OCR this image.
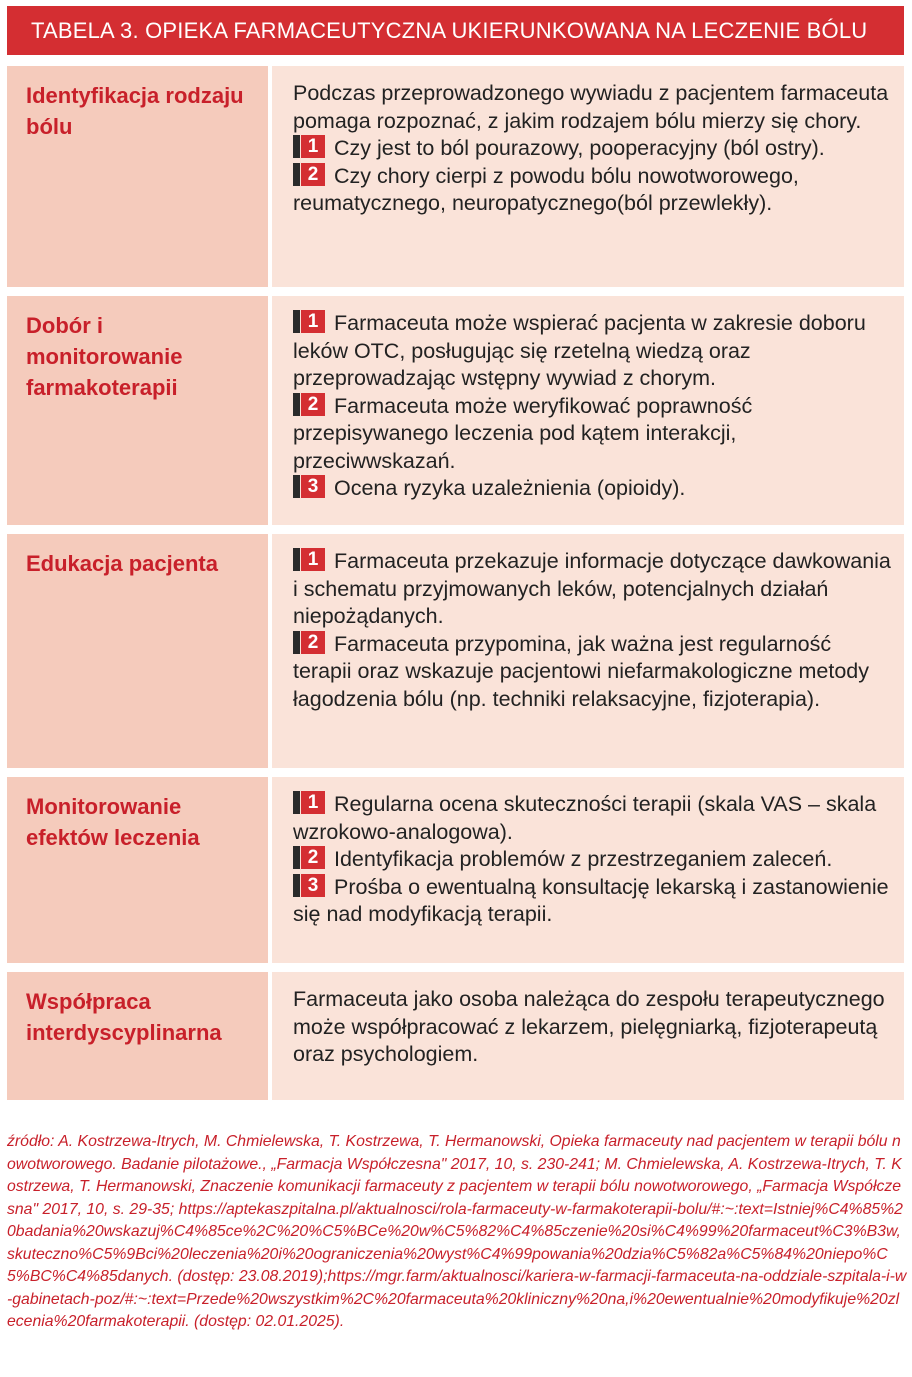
TABELA 3. OPIEKA FARMACEUTYCZNA UKIERUNKOWANA NA LECZENIE BÓLU
Identyfikacja rodzaju bólu

Podczas przeprowadzonego wywiadu z pacjentem farmaceuta pomaga rozpoznać, z jakim rodzajem bólu mierzy się chory.

1 Czy jest to ból pourazowy, pooperacyjny (ból ostry).

2 Czy chory cierpi z powodu bólu nowotworowego, reumatycznego, neuropatycznego(ból przewlekły).

Dobór i monitorowanie farmakoterapii

1 Farmaceuta może wspierać pacjenta w zakresie doboru leków OTC, posługując się rzetelną wiedzą oraz przeprowadzając wstępny wywiad z chorym.

2 Farmaceuta może weryfikować poprawność przepisywanego leczenia pod kątem interakcji, przeciwwskazań.

3 Ocena ryzyka uzależnienia (opioidy).

Edukacja pacjenta	1 Farmaceuta przekazuje informacje dotyczące dawkowania i schematu przyjmowanych leków, potencjalnych działań niepożądanych.

2 Farmaceuta przypomina, jak ważna jest regularność terapii oraz wskazuje pacjentowi niefarmakologiczne metody łagodzenia bólu (np. techniki relaksacyjne, fizjoterapia).

Monitorowanie efektów leczenia

1 Regularna ocena skuteczności terapii (skala VAS – skala wzrokowo-analogowa).

2 Identyfikacja problemów z przestrzeganiem zaleceń.

3 Prośba o ewentualną konsultację lekarską i zastanowienie się nad modyfikacją terapii.

Współpraca interdyscyplinarna

Farmaceuta jako osoba należąca do zespołu terapeutycznego może współpracować z lekarzem, pielęgniarką, fizjoterapeutą oraz psychologiem.

źródło: A. Kostrzewa-Itrych, M. Chmielewska, T. Kostrzewa, T. Hermanowski, Opieka farmaceuty nad pacjentem w terapii bólu nowotworowego. Badanie pilotażowe., „Farmacja Współczesna" 2017, 10, s. 230-241; M. Chmielewska, A. Kostrzewa-Itrych, T. Kostrzewa, T. Hermanowski, Znaczenie komunikacji farmaceuty z pacjentem w terapii bólu nowotworowego, „Farmacja Współczesna" 2017, 10, s. 29-35; https://aptekaszpitalna.pl/aktualnosci/rola-farmaceuty-w-farmakoterapii-bolu/#:~:text=Istniej%C4%85%20badania%20wskazuj%C4%85ce%2C%20%C5%BCe%20w%C5%82%C4%85czenie%20si%C4%99%20farmaceut%C3%B3w,skuteczno%C5%9Bci%20leczenia%20i%20ograniczenia%20wyst%C4%99powania%20dzia%C5%82a%C5%84%20niepo%C5%BC%C4%85danych. (dostęp: 23.08.2019);https://mgr.farm/aktualnosci/kariera-w-farmacji-farmaceuta-na-oddziale-szpitala-i-w-gabinetach-poz/#:~:text=Przede%20wszystkim%2C%20farmaceuta%20kliniczny%20na,i%20ewentualnie%20modyfikuje%20zlecenia%20farmakoterapii. (dostęp: 02.01.2025).
